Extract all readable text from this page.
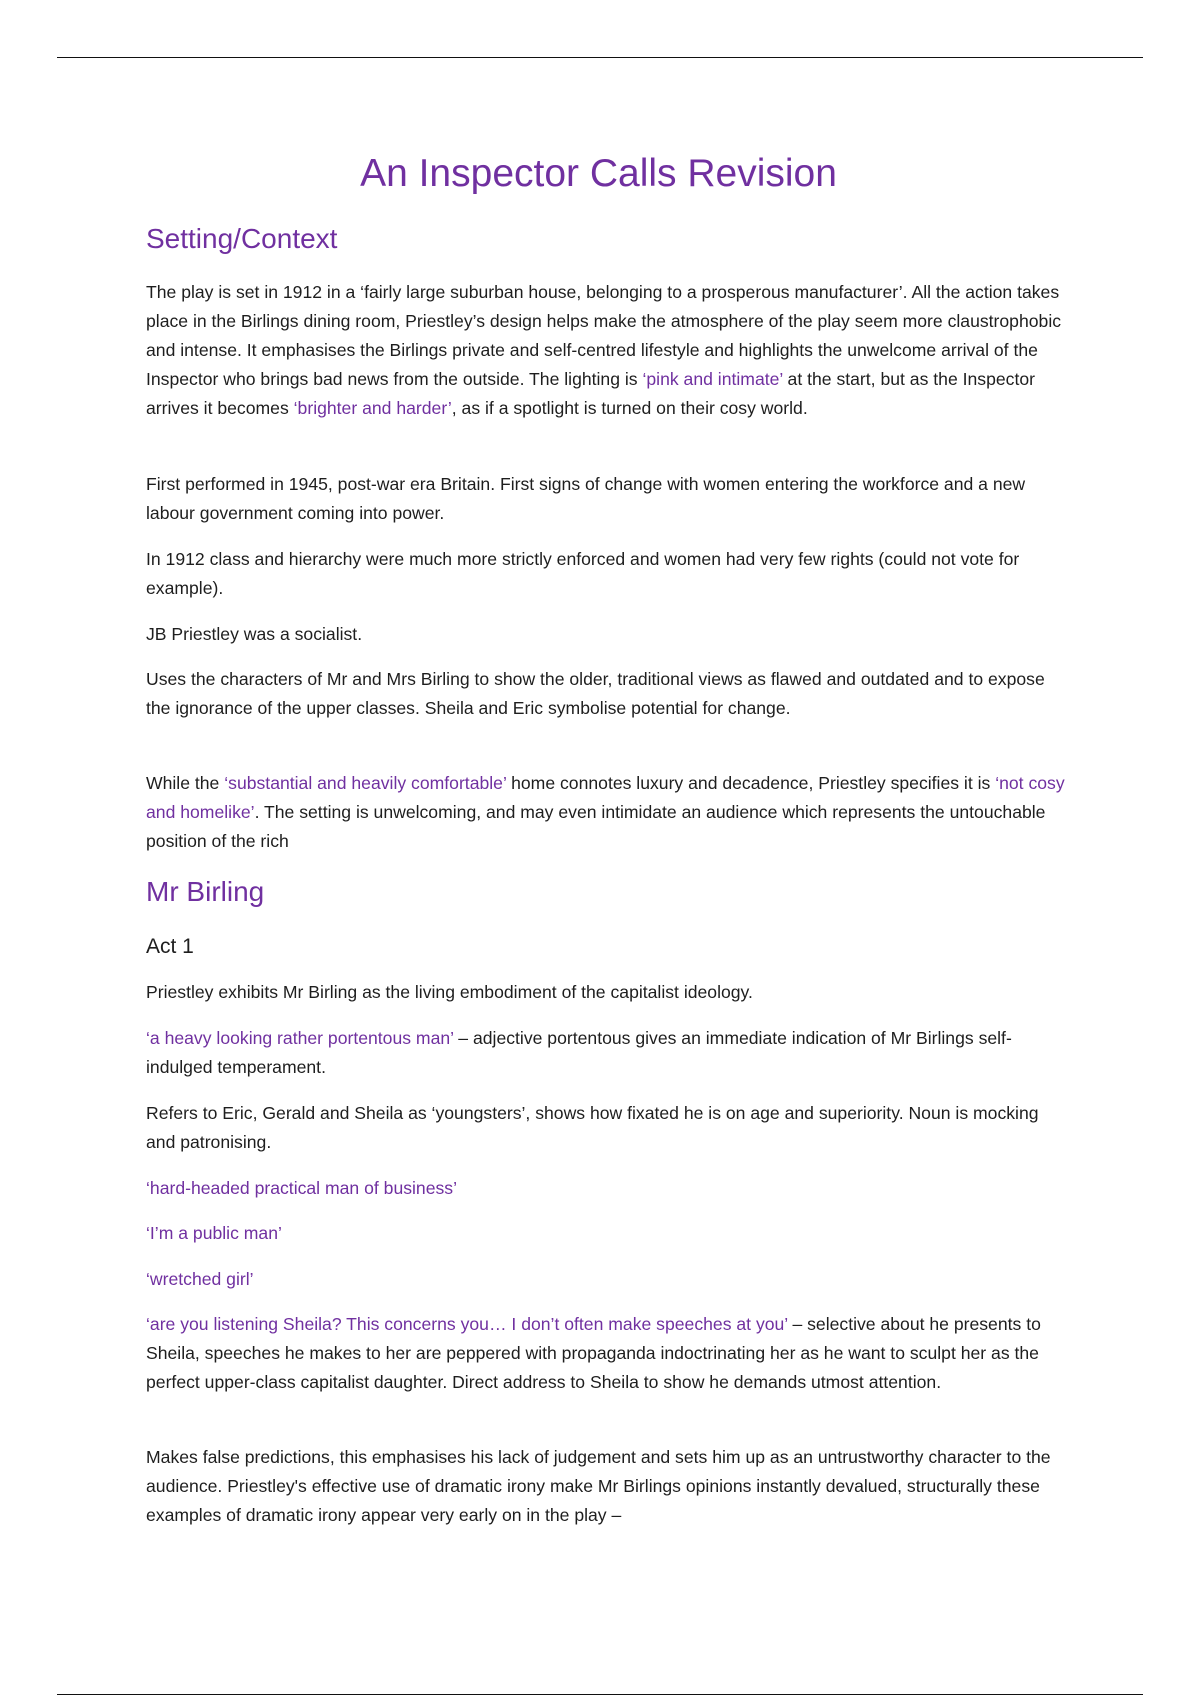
An Inspector Calls Revision
Setting/Context

The play is set in 1912 in a ‘fairly large suburban house, belonging to a prosperous manufacturer’. All the action takes place in the Birlings dining room, Priestley’s design helps make the atmosphere of the play seem more claustrophobic and intense. It emphasises the Birlings private and self-centred lifestyle and highlights the unwelcome arrival of the Inspector who brings bad news from the outside. The lighting is ‘pink and intimate’ at the start, but as the Inspector arrives it becomes ‘brighter and harder’, as if a spotlight is turned on their cosy world.

First performed in 1945, post-war era Britain. First signs of change with women entering the workforce and a new labour government coming into power.

In 1912 class and hierarchy were much more strictly enforced and women had very few rights (could not vote for example).

JB Priestley was a socialist.

Uses the characters of Mr and Mrs Birling to show the older, traditional views as flawed and outdated and to expose the ignorance of the upper classes. Sheila and Eric symbolise potential for change.

While the ‘substantial and heavily comfortable’ home connotes luxury and decadence, Priestley specifies it is ‘not cosy and homelike’. The setting is unwelcoming, and may even intimidate an audience which represents the untouchable position of the rich

Mr Birling
Act 1

Priestley exhibits Mr Birling as the living embodiment of the capitalist ideology.

‘a heavy looking rather portentous man’ – adjective portentous gives an immediate indication of Mr Birlings self-indulged temperament.

Refers to Eric, Gerald and Sheila as ‘youngsters’, shows how fixated he is on age and superiority. Noun is mocking and patronising.

‘hard-headed practical man of business’

‘I’m a public man’

‘wretched girl’

‘are you listening Sheila? This concerns you… I don’t often make speeches at you’ – selective about he presents to Sheila, speeches he makes to her are peppered with propaganda indoctrinating her as he want to sculpt her as the perfect upper-class capitalist daughter. Direct address to Sheila to show he demands utmost attention.

Makes false predictions, this emphasises his lack of judgement and sets him up as an untrustworthy character to the audience. Priestley's effective use of dramatic irony make Mr Birlings opinions instantly devalued, structurally these examples of dramatic irony appear very early on in the play –
